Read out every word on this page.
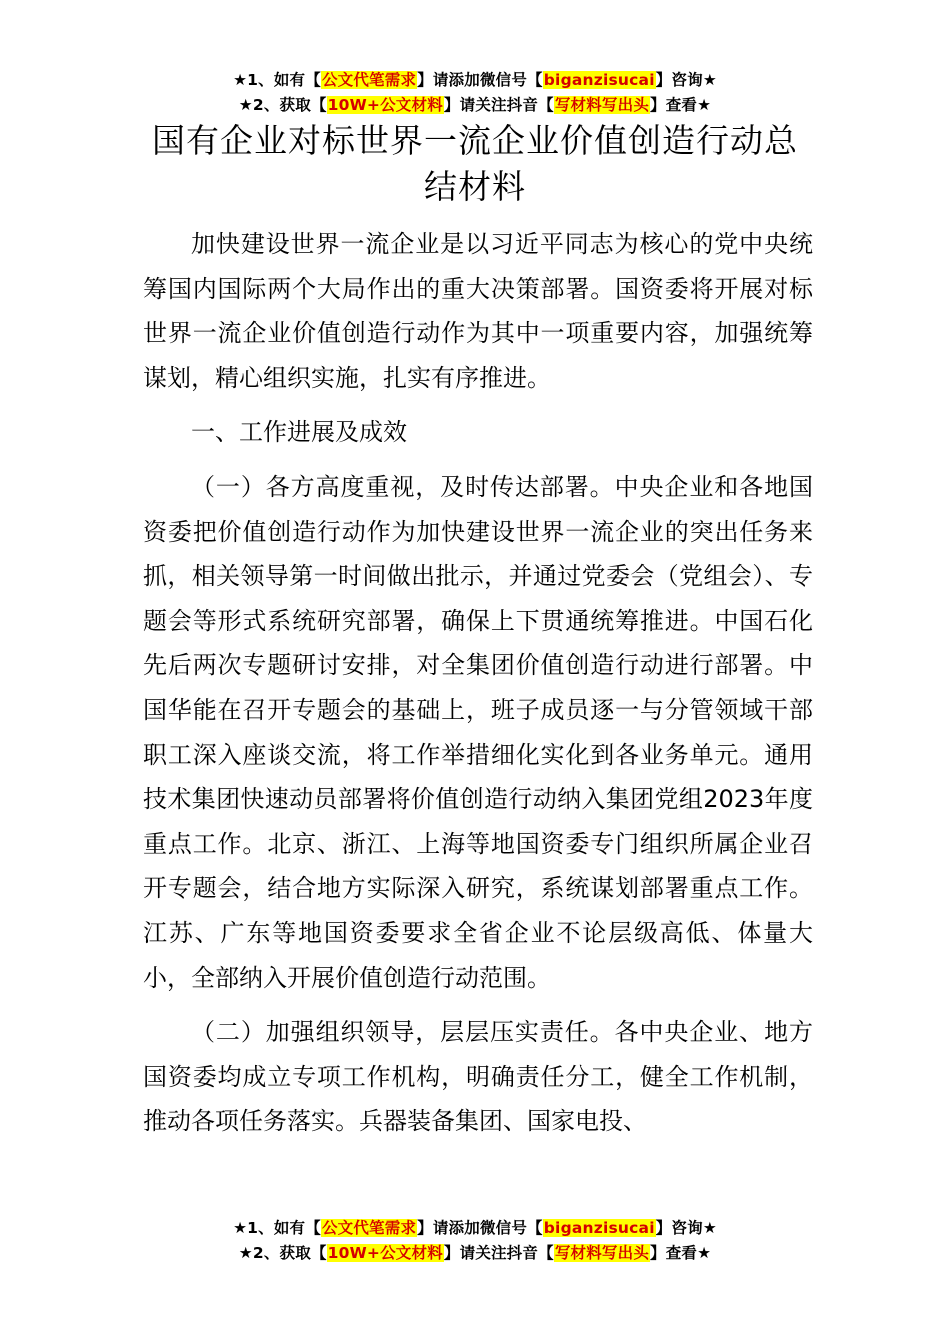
★1、如有【公文代笔需求】请添加微信号【biganzisucai】咨询★
★2、获取【10W+公文材料】请关注抖音【写材料写出头】查看★
国有企业对标世界一流企业价值创造行动总结材料

加快建设世界一流企业是以习近平同志为核心的党中央统筹国内国际两个大局作出的重大决策部署。国资委将开展对标世界一流企业价值创造行动作为其中一项重要内容，加强统筹谋划，精心组织实施，扎实有序推进。

一、工作进展及成效

（一）各方高度重视，及时传达部署。中央企业和各地国资委把价值创造行动作为加快建设世界一流企业的突出任务来抓，相关领导第一时间做出批示，并通过党委会（党组会）、专题会等形式系统研究部署，确保上下贯通统筹推进。中国石化先后两次专题研讨安排，对全集团价值创造行动进行部署。中国华能在召开专题会的基础上，班子成员逐一与分管领域干部职工深入座谈交流，将工作举措细化实化到各业务单元。通用技术集团快速动员部署将价值创造行动纳入集团党组2023年度重点工作。北京、浙江、上海等地国资委专门组织所属企业召开专题会，结合地方实际深入研究，系统谋划部署重点工作。江苏、广东等地国资委要求全省企业不论层级高低、体量大小，全部纳入开展价值创造行动范围。

（二）加强组织领导，层层压实责任。各中央企业、地方国资委均成立专项工作机构，明确责任分工，健全工作机制，推动各项任务落实。兵器装备集团、国家电投、

★1、如有【公文代笔需求】请添加微信号【biganzisucai】咨询★
★2、获取【10W+公文材料】请关注抖音【写材料写出头】查看★
